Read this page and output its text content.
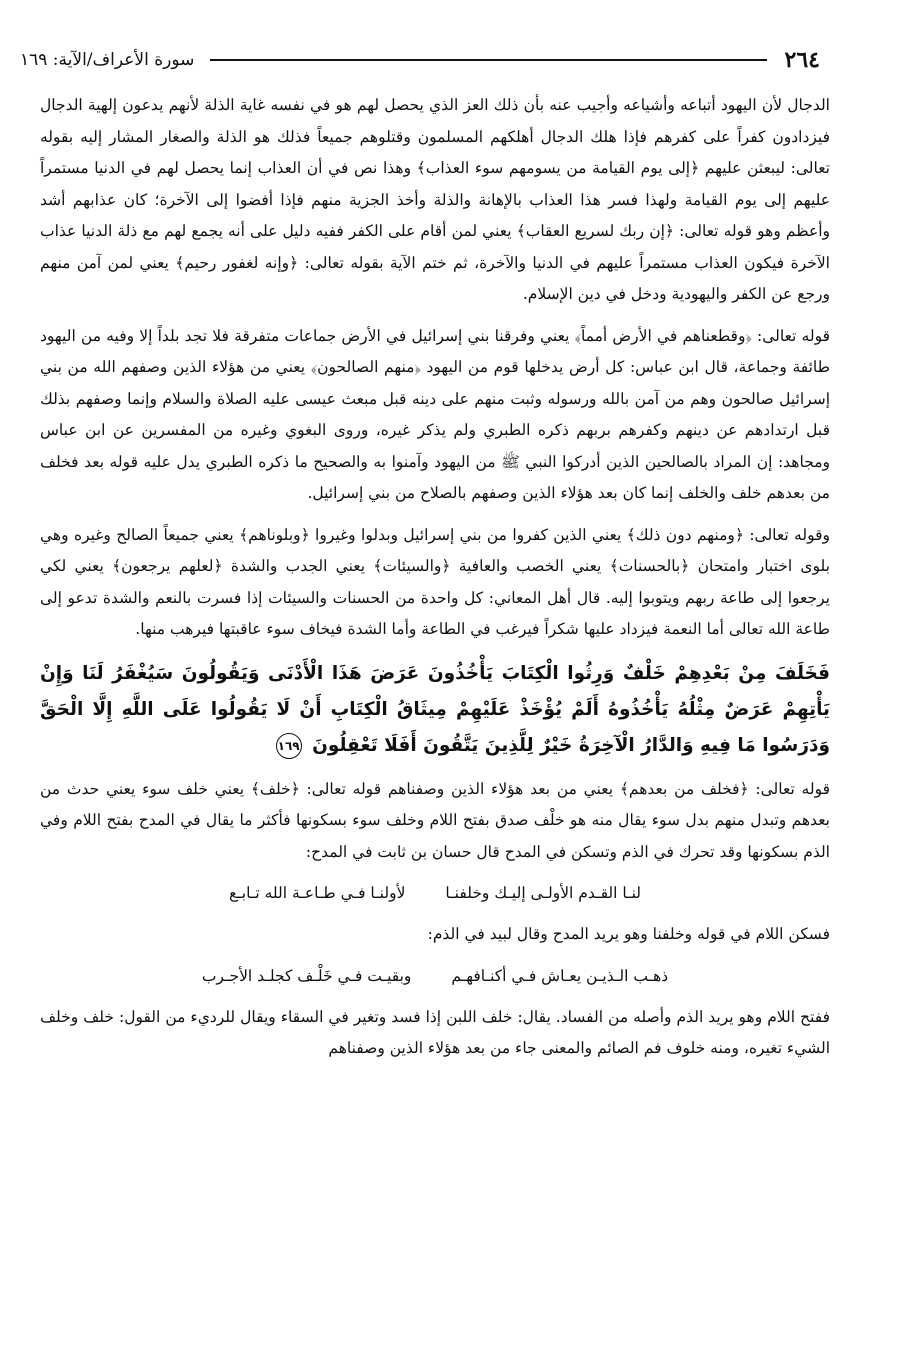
٢٦٤
سورة الأعراف/الآية: ١٦٩

الدجال لأن اليهود أتباعه وأشياعه وأجيب عنه بأن ذلك العز الذي يحصل لهم هو في نفسه غاية الذلة لأنهم يدعون إلهية الدجال فيزدادون كفراً على كفرهم فإذا هلك الدجال أهلكهم المسلمون وقتلوهم جميعاً فذلك هو الذلة والصغار المشار إليه بقوله تعالى: ليبعثن عليهم ﴿إلى يوم القيامة من يسومهم سوء العذاب﴾ وهذا نص في أن العذاب إنما يحصل لهم في الدنيا مستمراً عليهم إلى يوم القيامة ولهذا فسر هذا العذاب بالإهانة والذلة وأخذ الجزية منهم فإذا أفضوا إلى الآخرة؛ كان عذابهم أشد وأعظم وهو قوله تعالى: ﴿إن ربك لسريع العقاب﴾ يعني لمن أقام على الكفر ففيه دليل على أنه يجمع لهم مع ذلة الدنيا عذاب الآخرة فيكون العذاب مستمراً عليهم في الدنيا والآخرة، ثم ختم الآية بقوله تعالى: ﴿وإنه لغفور رحيم﴾ يعني لمن آمن منهم ورجع عن الكفر واليهودية ودخل في دين الإسلام.

قوله تعالى: ﴿وقطعناهم في الأرض أمماً﴾ يعني وفرقنا بني إسرائيل في الأرض جماعات متفرقة فلا تجد بلداً إلا وفيه من اليهود طائفة وجماعة، قال ابن عباس: كل أرض يدخلها قوم من اليهود ﴿منهم الصالحون﴾ يعني من هؤلاء الذين وصفهم الله من بني إسرائيل صالحون وهم من آمن بالله ورسوله وثبت منهم على دينه قبل مبعث عيسى عليه الصلاة والسلام وإنما وصفهم بذلك قبل ارتدادهم عن دينهم وكفرهم بربهم ذكره الطبري ولم يذكر غيره، وروى البغوي وغيره من المفسرين عن ابن عباس ومجاهد: إن المراد بالصالحين الذين أدركوا النبي ﷺ من اليهود وآمنوا به والصحيح ما ذكره الطبري يدل عليه قوله بعد فخلف من بعدهم خلف والخلف إنما كان بعد هؤلاء الذين وصفهم بالصلاح من بني إسرائيل.

وقوله تعالى: ﴿ومنهم دون ذلك﴾ يعني الذين كفروا من بني إسرائيل وبدلوا وغيروا ﴿وبلوناهم﴾ يعني جميعاً الصالح وغيره وهي بلوى اختبار وامتحان ﴿بالحسنات﴾ يعني الخصب والعافية ﴿والسيئات﴾ يعني الجدب والشدة ﴿لعلهم يرجعون﴾ يعني لكي يرجعوا إلى طاعة ربهم ويتوبوا إليه. قال أهل المعاني: كل واحدة من الحسنات والسيئات إذا فسرت بالنعم والشدة تدعو إلى طاعة الله تعالى أما النعمة فيزداد عليها شكراً فيرغب في الطاعة وأما الشدة فيخاف سوء عاقبتها فيرهب منها.

فَخَلَفَ مِنْ بَعْدِهِمْ خَلْفٌ وَرِثُوا الْكِتَابَ يَأْخُذُونَ عَرَضَ هَذَا الْأَدْنَى وَيَقُولُونَ سَيُغْفَرُ لَنَا وَإِنْ يَأْتِهِمْ عَرَضٌ مِثْلُهُ يَأْخُذُوهُ أَلَمْ يُؤْخَذْ عَلَيْهِمْ مِيثَاقُ الْكِتَابِ أَنْ لَا يَقُولُوا عَلَى اللَّهِ إِلَّا الْحَقَّ وَدَرَسُوا مَا فِيهِ وَالدَّارُ الْآخِرَةُ خَيْرٌ لِلَّذِينَ يَتَّقُونَ أَفَلَا تَعْقِلُونَ ١٦٩

قوله تعالى: ﴿فخلف من بعدهم﴾ يعني من بعد هؤلاء الذين وصفناهم قوله تعالى: ﴿خلف﴾ يعني خلف سوء يعني حدث من بعدهم وتبدل منهم بدل سوء يقال منه هو خلْف صدق بفتح اللام وخلف سوء بسكونها فأكثر ما يقال في المدح بفتح اللام وفي الذم بسكونها وقد تحرك في الذم وتسكن في المدح قال حسان بن ثابت في المدح:

لنـا القـدم الأولـى إليـك وخلفنـا
لأولنـا فـي طـاعـة الله تـابـع

فسكن اللام في قوله وخلفنا وهو يريد المدح وقال لبيد في الذم:

ذهـب الـذيـن يعـاش فـي أكنـافهـم
وبقيـت فـي خَلْـف كجلـد الأجـرب

ففتح اللام وهو يريد الذم وأصله من الفساد. يقال: خلف اللبن إذا فسد وتغير في السقاء ويقال للرديء من القول: خلف وخلف الشيء تغيره، ومنه خلوف فم الصائم والمعنى جاء من بعد هؤلاء الذين وصفناهم
